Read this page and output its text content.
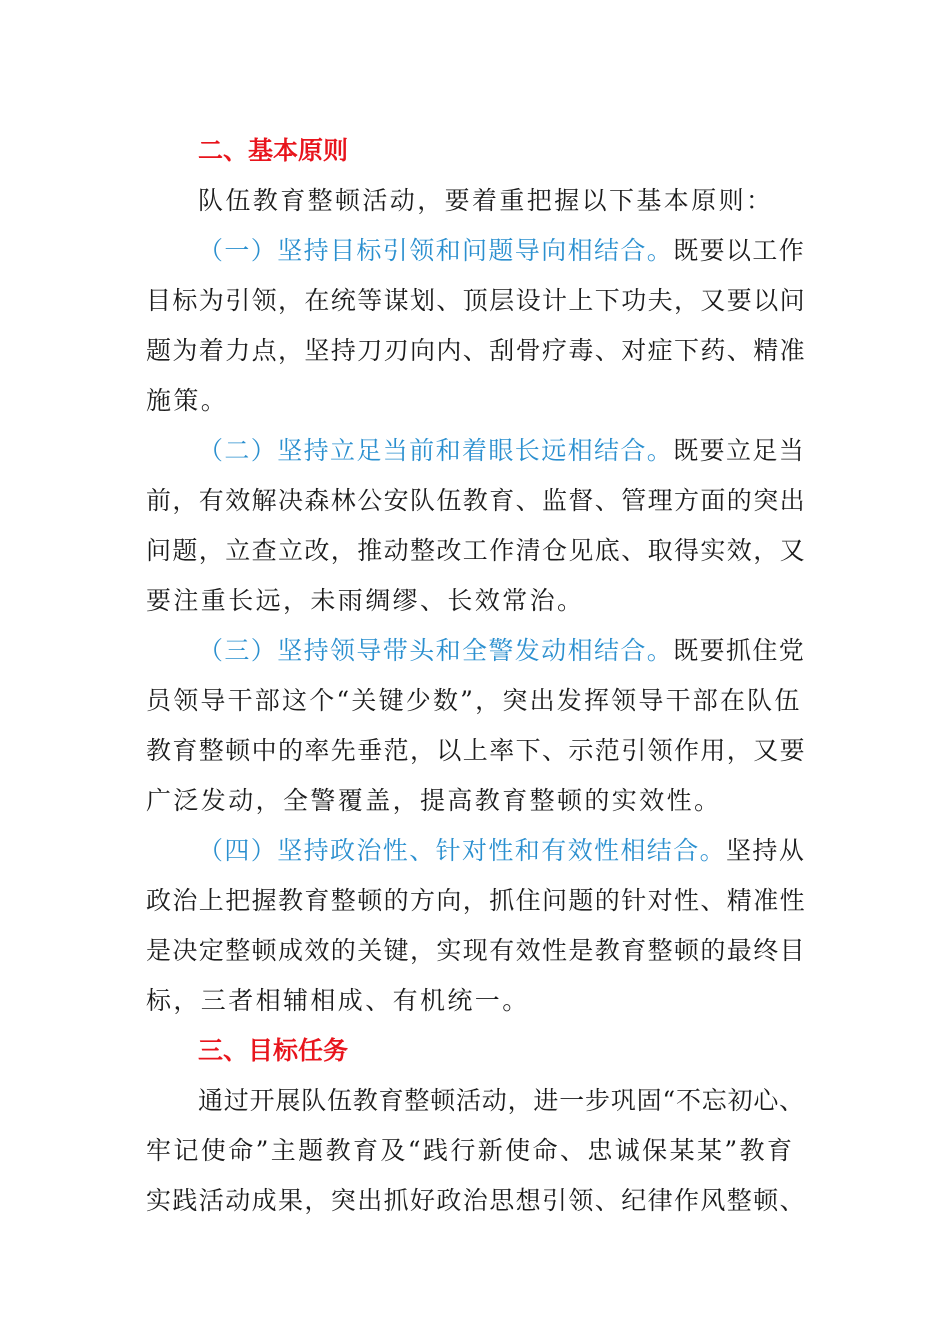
二、基本原则
队伍教育整顿活动，要着重把握以下基本原则：
（一）坚持目标引领和问题导向相结合。既要以工作
目标为引领，在统等谋划、顶层设计上下功夫，又要以问
题为着力点，坚持刀刃向内、刮骨疗毒、对症下药、精准
施策。
（二）坚持立足当前和着眼长远相结合。既要立足当
前，有效解决森林公安队伍教育、监督、管理方面的突出
问题，立查立改，推动整改工作清仓见底、取得实效，又
要注重长远，未雨绸缪、长效常治。
（三）坚持领导带头和全警发动相结合。既要抓住党
员领导干部这个“关键少数”，突出发挥领导干部在队伍
教育整顿中的率先垂范，以上率下、示范引领作用，又要
广泛发动，全警覆盖，提高教育整顿的实效性。
（四）坚持政治性、针对性和有效性相结合。坚持从
政治上把握教育整顿的方向，抓住问题的针对性、精准性
是决定整顿成效的关键，实现有效性是教育整顿的最终目
标，三者相辅相成、有机统一。
三、目标任务
通过开展队伍教育整顿活动，进一步巩固“不忘初心、
牢记使命”主题教育及“践行新使命、忠诚保某某”教育
实践活动成果，突出抓好政治思想引领、纪律作风整顿、
